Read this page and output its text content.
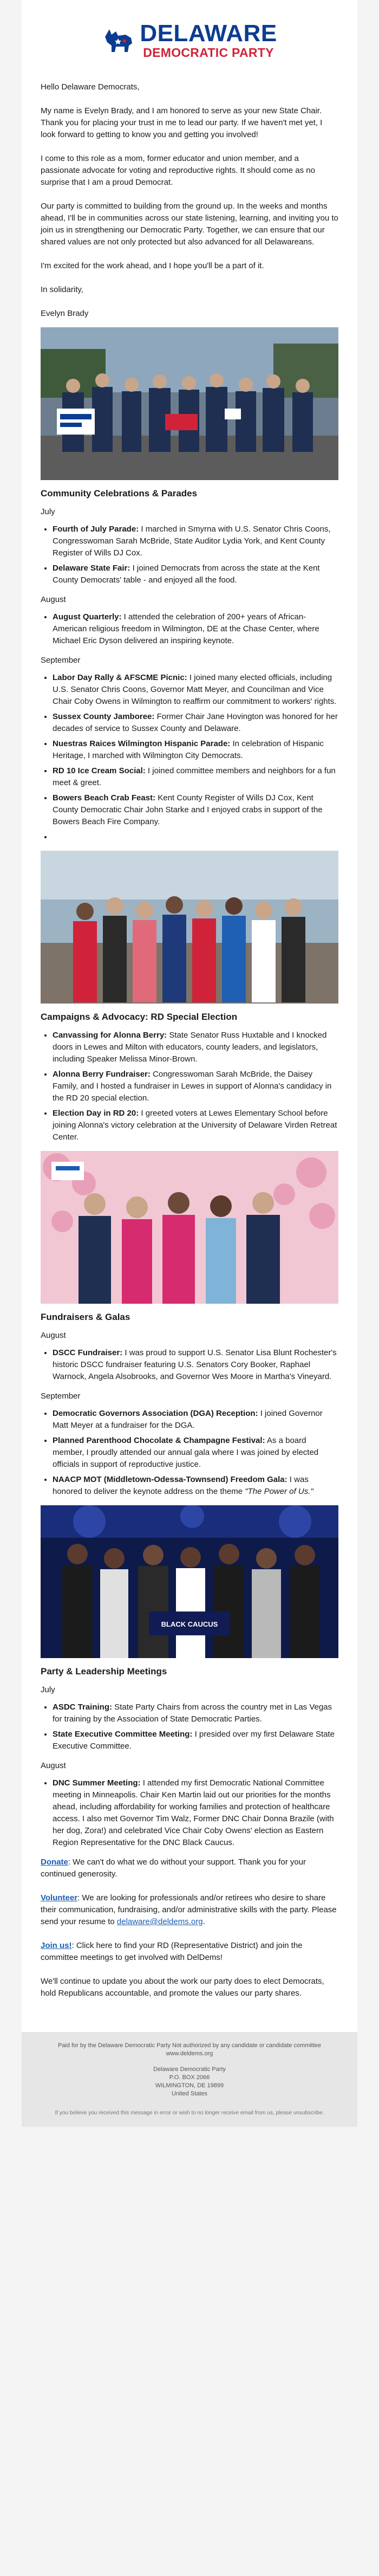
DELAWARE
DEMOCRATIC PARTY

Hello Delaware Democrats,

My name is Evelyn Brady, and I am honored to serve as your new State Chair. Thank you for placing your trust in me to lead our party. If we haven't met yet, I look forward to getting to know you and getting you involved!

I come to this role as a mom, former educator and union member, and a passionate advocate for voting and reproductive rights. It should come as no surprise that I am a proud Democrat.

Our party is committed to building from the ground up. In the weeks and months ahead, I'll be in communities across our state listening, learning, and inviting you to join us in strengthening our Democratic Party. Together, we can ensure that our shared values are not only protected but also advanced for all Delawareans.

I'm excited for the work ahead, and I hope you'll be a part of it.

In solidarity,

Evelyn Brady

Community Celebrations & Parades
July
• Fourth of July Parade: I marched in Smyrna with U.S. Senator Chris Coons, Congresswoman Sarah McBride, State Auditor Lydia York, and Kent County Register of Wills DJ Cox.
• Delaware State Fair: I joined Democrats from across the state at the Kent County Democrats' table - and enjoyed all the food.
August
• August Quarterly: I attended the celebration of 200+ years of African-American religious freedom in Wilmington, DE at the Chase Center, where Michael Eric Dyson delivered an inspiring keynote.
September
• Labor Day Rally & AFSCME Picnic: I joined many elected officials, including U.S. Senator Chris Coons, Governor Matt Meyer, and Councilman and Vice Chair Coby Owens in Wilmington to reaffirm our commitment to workers' rights.
• Sussex County Jamboree: Former Chair Jane Hovington was honored for her decades of service to Sussex County and Delaware.
• Nuestras Raices Wilmington Hispanic Parade: In celebration of Hispanic Heritage, I marched with Wilmington City Democrats.
• RD 10 Ice Cream Social: I joined committee members and neighbors for a fun meet & greet.
• Bowers Beach Crab Feast: Kent County Register of Wills DJ Cox, Kent County Democratic Chair John Starke and I enjoyed crabs in support of the Bowers Beach Fire Company.
•
Campaigns & Advocacy: RD Special Election
• Canvassing for Alonna Berry: State Senator Russ Huxtable and I knocked doors in Lewes and Milton with educators, county leaders, and legislators, including Speaker Melissa Minor-Brown.
• Alonna Berry Fundraiser: Congresswoman Sarah McBride, the Daisey Family, and I hosted a fundraiser in Lewes in support of Alonna's candidacy in the RD 20 special election.
• Election Day in RD 20: I greeted voters at Lewes Elementary School before joining Alonna's victory celebration at the University of Delaware Virden Retreat Center.
Fundraisers & Galas
August
• DSCC Fundraiser: I was proud to support U.S. Senator Lisa Blunt Rochester's historic DSCC fundraiser featuring U.S. Senators Cory Booker, Raphael Warnock, Angela Alsobrooks, and Governor Wes Moore in Martha's Vineyard.
September
• Democratic Governors Association (DGA) Reception: I joined Governor Matt Meyer at a fundraiser for the DGA.
• Planned Parenthood Chocolate & Champagne Festival: As a board member, I proudly attended our annual gala where I was joined by elected officials in support of reproductive justice.
• NAACP MOT (Middletown-Odessa-Townsend) Freedom Gala: I was honored to deliver the keynote address on the theme "The Power of Us."
BLACK CAUCUS
Party & Leadership Meetings
July
• ASDC Training: State Party Chairs from across the country met in Las Vegas for training by the Association of State Democratic Parties.
• State Executive Committee Meeting: I presided over my first Delaware State Executive Committee.
August
• DNC Summer Meeting: I attended my first Democratic National Committee meeting in Minneapolis. Chair Ken Martin laid out our priorities for the months ahead, including affordability for working families and protection of healthcare access. I also met Governor Tim Walz, Former DNC Chair Donna Brazile (with her dog, Zora!) and celebrated Vice Chair Coby Owens' election as Eastern Region Representative for the DNC Black Caucus.

Donate: We can't do what we do without your support. Thank you for your continued generosity.

Volunteer: We are looking for professionals and/or retirees who desire to share their communication, fundraising, and/or administrative skills with the party. Please send your resume to delaware@deldems.org.

Join us!: Click here to find your RD (Representative District) and join the committee meetings to get involved with DelDems!

We'll continue to update you about the work our party does to elect Democrats, hold Republicans accountable, and promote the values our party shares.

Paid for by the Delaware Democratic Party Not authorized by any candidate or candidate committee www.deldems.org
Delaware Democratic Party
P.O. BOX 2066
WILMINGTON, DE 19899
United States
If you believe you received this message in error or wish to no longer receive email from us, please unsubscribe.
